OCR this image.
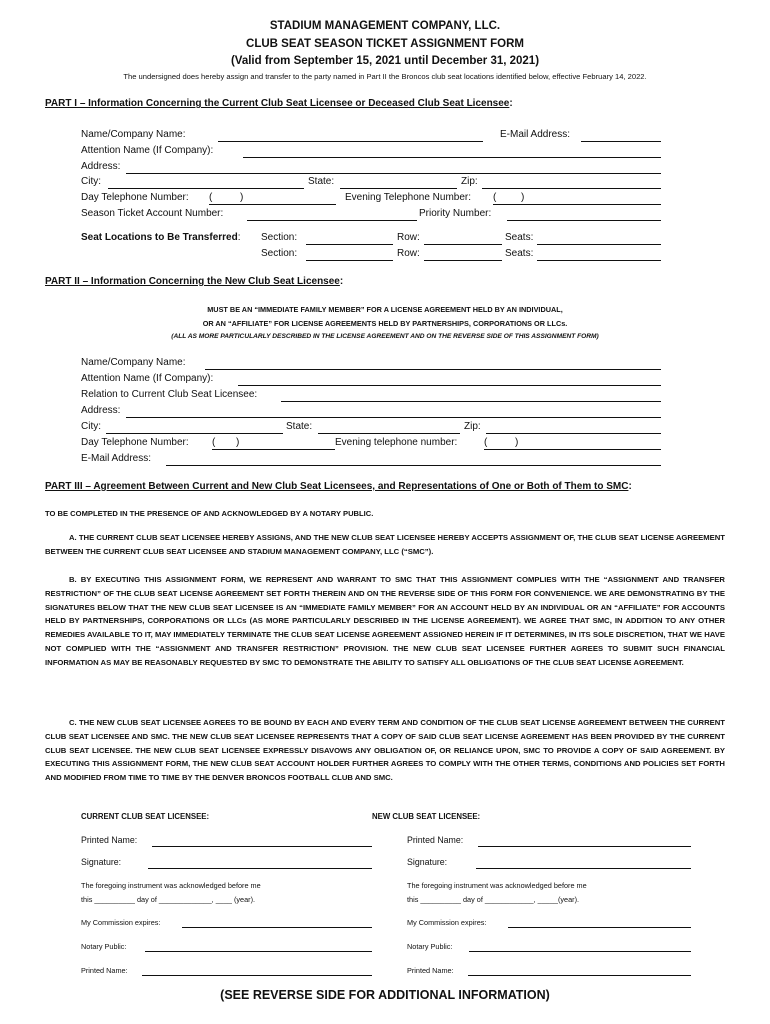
STADIUM MANAGEMENT COMPANY, LLC.
CLUB SEAT SEASON TICKET ASSIGNMENT FORM
(Valid from September 15, 2021 until December 31, 2021)
The undersigned does hereby assign and transfer to the party named in Part II the Broncos club seat locations identified below, effective February 14, 2022.
PART I – Information Concerning the Current Club Seat Licensee or Deceased Club Seat Licensee:
Name/Company Name:	E-Mail Address:
Attention Name (If Company):
Address:
City:	State:	Zip:
Day Telephone Number: (	)	Evening Telephone Number: ( )
Season Ticket Account Number:	Priority Number:
Seat Locations to Be Transferred: Section:	Row:	Seats:
Section:	Row:	Seats:
PART II – Information Concerning the New Club Seat Licensee:
MUST BE AN “IMMEDIATE FAMILY MEMBER” FOR A LICENSE AGREEMENT HELD BY AN INDIVIDUAL,
OR AN “AFFILIATE” FOR LICENSE AGREEMENTS HELD BY PARTNERSHIPS, CORPORATIONS OR LLCs.
(ALL AS MORE PARTICULARLY DESCRIBED IN THE LICENSE AGREEMENT AND ON THE REVERSE SIDE OF THIS ASSIGNMENT FORM)
Name/Company Name:
Attention Name (If Company):
Relation to Current Club Seat Licensee:
Address:
City:	State:	Zip:
Day Telephone Number: ( )	Evening telephone number:	(	)
E-Mail Address:
PART III – Agreement Between Current and New Club Seat Licensees, and Representations of One or Both of Them to SMC:
TO BE COMPLETED IN THE PRESENCE OF AND ACKNOWLEDGED BY A NOTARY PUBLIC.
A. THE CURRENT CLUB SEAT LICENSEE HEREBY ASSIGNS, AND THE NEW CLUB SEAT LICENSEE HEREBY ACCEPTS ASSIGNMENT OF, THE CLUB SEAT LICENSE AGREEMENT BETWEEN THE CURRENT CLUB SEAT LICENSEE AND STADIUM MANAGEMENT COMPANY, LLC (“SMC”).
B. BY EXECUTING THIS ASSIGNMENT FORM, WE REPRESENT AND WARRANT TO SMC THAT THIS ASSIGNMENT COMPLIES WITH THE “ASSIGNMENT AND TRANSFER RESTRICTION” OF THE CLUB SEAT LICENSE AGREEMENT SET FORTH THEREIN AND ON THE REVERSE SIDE OF THIS FORM FOR CONVENIENCE. WE ARE DEMONSTRATING BY THE SIGNATURES BELOW THAT THE NEW CLUB SEAT LICENSEE IS AN “IMMEDIATE FAMILY MEMBER” FOR AN ACCOUNT HELD BY AN INDIVIDUAL OR AN “AFFILIATE” FOR ACCOUNTS HELD BY PARTNERSHIPS, CORPORATIONS OR LLCs (AS MORE PARTICULARLY DESCRIBED IN THE LICENSE AGREEMENT). WE AGREE THAT SMC, IN ADDITION TO ANY OTHER REMEDIES AVAILABLE TO IT, MAY IMMEDIATELY TERMINATE THE CLUB SEAT LICENSE AGREEMENT ASSIGNED HEREIN IF IT DETERMINES, IN ITS SOLE DISCRETION, THAT WE HAVE NOT COMPLIED WITH THE “ASSIGNMENT AND TRANSFER RESTRICTION” PROVISION. THE NEW CLUB SEAT LICENSEE FURTHER AGREES TO SUBMIT SUCH FINANCIAL INFORMATION AS MAY BE REASONABLY REQUESTED BY SMC TO DEMONSTRATE THE ABILITY TO SATISFY ALL OBLIGATIONS OF THE CLUB SEAT LICENSE AGREEMENT.
C. THE NEW CLUB SEAT LICENSEE AGREES TO BE BOUND BY EACH AND EVERY TERM AND CONDITION OF THE CLUB SEAT LICENSE AGREEMENT BETWEEN THE CURRENT CLUB SEAT LICENSEE AND SMC. THE NEW CLUB SEAT LICENSEE REPRESENTS THAT A COPY OF SAID CLUB SEAT LICENSE AGREEMENT HAS BEEN PROVIDED BY THE CURRENT CLUB SEAT LICENSEE. THE NEW CLUB SEAT LICENSEE EXPRESSLY DISAVOWS ANY OBLIGATION OF, OR RELIANCE UPON, SMC TO PROVIDE A COPY OF SAID AGREEMENT. BY EXECUTING THIS ASSIGNMENT FORM, THE NEW CLUB SEAT ACCOUNT HOLDER FURTHER AGREES TO COMPLY WITH THE OTHER TERMS, CONDITIONS AND POLICIES SET FORTH AND MODIFIED FROM TIME TO TIME BY THE DENVER BRONCOS FOOTBALL CLUB AND SMC.
CURRENT CLUB SEAT LICENSEE:	NEW CLUB SEAT LICENSEE:
Printed Name:
Signature:
The foregoing instrument was acknowledged before me
this __________ day of _____________, ____ (year).
My Commission expires:
Notary Public:
Printed Name:
Printed Name:
Signature:
The foregoing instrument was acknowledged before me
this __________ day of ____________, _____(year).
My Commission expires:
Notary Public:
Printed Name:
(SEE REVERSE SIDE FOR ADDITIONAL INFORMATION)
